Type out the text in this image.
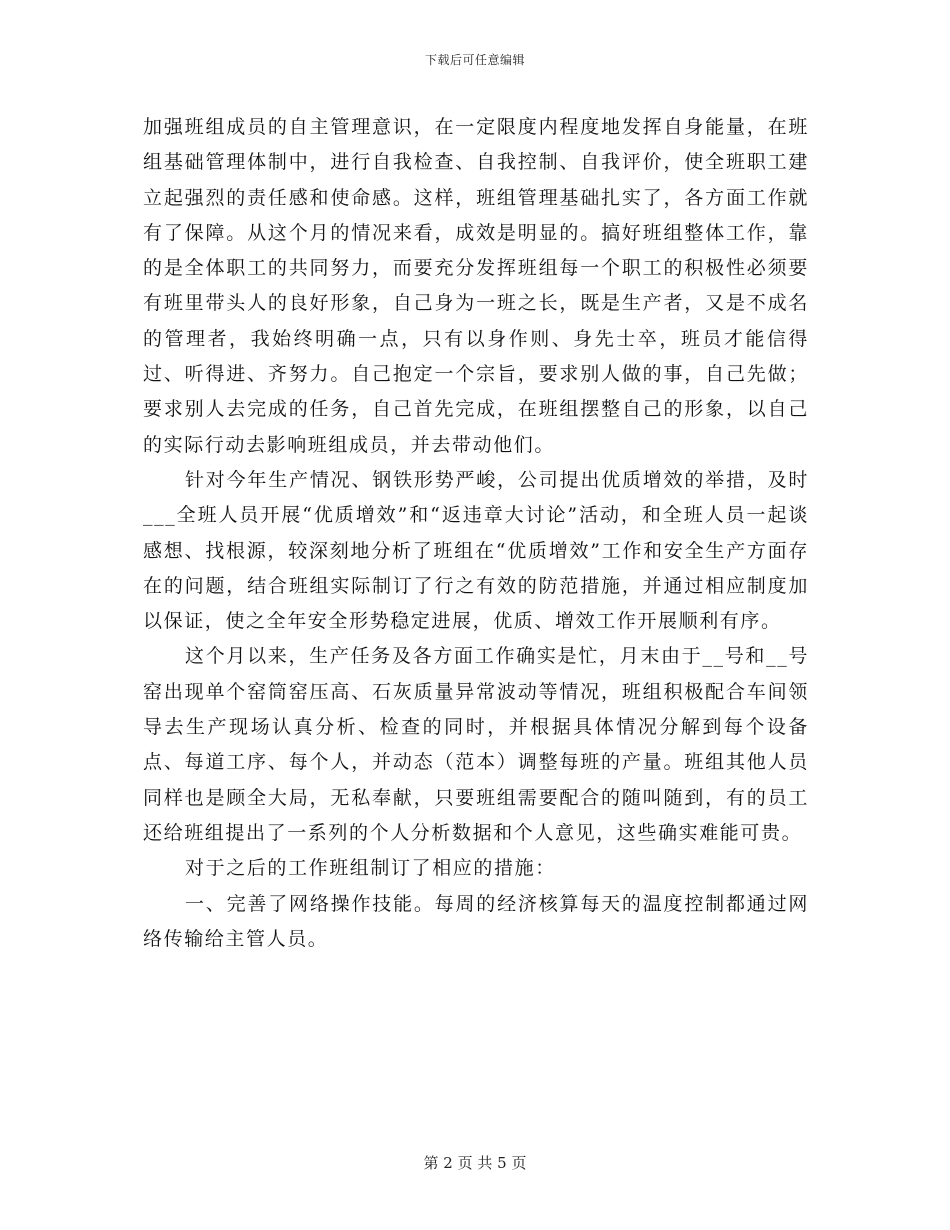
下载后可任意编辑

加强班组成员的自主管理意识，在一定限度内程度地发挥自身能量，在班组基础管理体制中，进行自我检查、自我控制、自我评价，使全班职工建立起强烈的责任感和使命感。这样，班组管理基础扎实了，各方面工作就有了保障。从这个月的情况来看，成效是明显的。搞好班组整体工作，靠的是全体职工的共同努力，而要充分发挥班组每一个职工的积极性必须要有班里带头人的良好形象，自己身为一班之长，既是生产者，又是不成名的管理者，我始终明确一点，只有以身作则、身先士卒，班员才能信得过、听得进、齐努力。自己抱定一个宗旨，要求别人做的事，自己先做；要求别人去完成的任务，自己首先完成，在班组摆整自己的形象，以自己的实际行动去影响班组成员，并去带动他们。

针对今年生产情况、钢铁形势严峻，公司提出优质增效的举措，及时___全班人员开展“优质增效”和“返违章大讨论”活动，和全班人员一起谈感想、找根源，较深刻地分析了班组在“优质增效”工作和安全生产方面存在的问题，结合班组实际制订了行之有效的防范措施，并通过相应制度加以保证，使之全年安全形势稳定进展，优质、增效工作开展顺利有序。

这个月以来，生产任务及各方面工作确实是忙，月末由于__号和__号窑出现单个窑筒窑压高、石灰质量异常波动等情况，班组积极配合车间领导去生产现场认真分析、检查的同时，并根据具体情况分解到每个设备点、每道工序、每个人，并动态（范本）调整每班的产量。班组其他人员同样也是顾全大局，无私奉献，只要班组需要配合的随叫随到，有的员工还给班组提出了一系列的个人分析数据和个人意见，这些确实难能可贵。

对于之后的工作班组制订了相应的措施：

一、完善了网络操作技能。每周的经济核算每天的温度控制都通过网络传输给主管人员。

第 2 页 共 5 页
